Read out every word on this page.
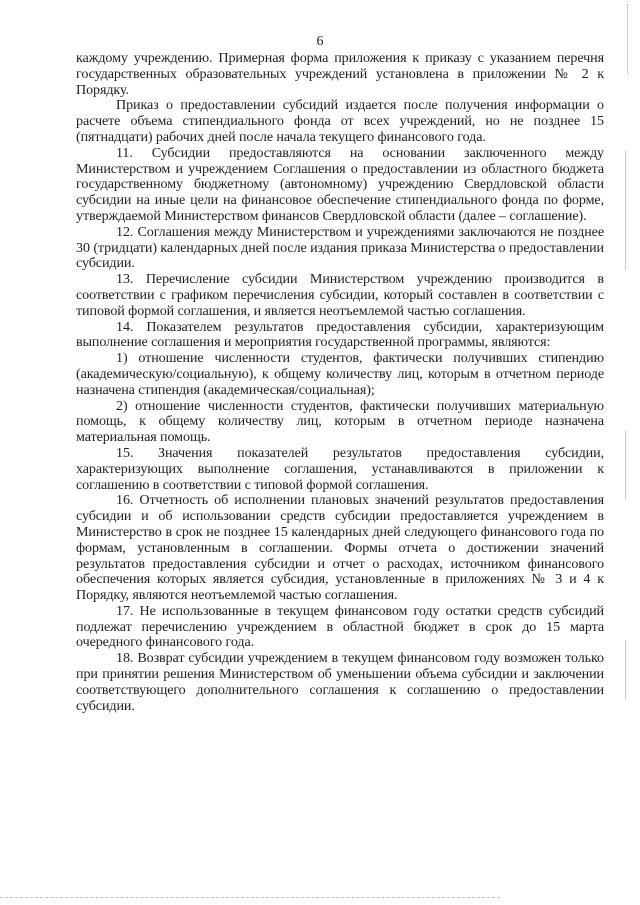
6

каждому учреждению. Примерная форма приложения к приказу с указанием перечня государственных образовательных учреждений установлена в приложении № 2 к Порядку.

Приказ о предоставлении субсидий издается после получения информации о расчете объема стипендиального фонда от всех учреждений, но не позднее 15 (пятнадцати) рабочих дней после начала текущего финансового года.

11. Субсидии предоставляются на основании заключенного между Министерством и учреждением Соглашения о предоставлении из областного бюджета государственному бюджетному (автономному) учреждению Свердловской области субсидии на иные цели на финансовое обеспечение стипендиального фонда по форме, утверждаемой Министерством финансов Свердловской области (далее – соглашение).

12. Соглашения между Министерством и учреждениями заключаются не позднее 30 (тридцати) календарных дней после издания приказа Министерства о предоставлении субсидии.

13. Перечисление субсидии Министерством учреждению производится в соответствии с графиком перечисления субсидии, который составлен в соответствии с типовой формой соглашения, и является неотъемлемой частью соглашения.

14. Показателем результатов предоставления субсидии, характеризующим выполнение соглашения и мероприятия государственной программы, являются:

1) отношение численности студентов, фактически получивших стипендию (академическую/социальную), к общему количеству лиц, которым в отчетном периоде назначена стипендия (академическая/социальная);

2) отношение численности студентов, фактически получивших материальную помощь, к общему количеству лиц, которым в отчетном периоде назначена материальная помощь.

15. Значения показателей результатов предоставления субсидии, характеризующих выполнение соглашения, устанавливаются в приложении к соглашению в соответствии с типовой формой соглашения.

16. Отчетность об исполнении плановых значений результатов предоставления субсидии и об использовании средств субсидии предоставляется учреждением в Министерство в срок не позднее 15 календарных дней следующего финансового года по формам, установленным в соглашении. Формы отчета о достижении значений результатов предоставления субсидии и отчет о расходах, источником финансового обеспечения которых является субсидия, установленные в приложениях № 3 и 4 к Порядку, являются неотъемлемой частью соглашения.

17. Не использованные в текущем финансовом году остатки средств субсидий подлежат перечислению учреждением в областной бюджет в срок до 15 марта очередного финансового года.

18. Возврат субсидии учреждением в текущем финансовом году возможен только при принятии решения Министерством об уменьшении объема субсидии и заключении соответствующего дополнительного соглашения к соглашению о предоставлении субсидии.
